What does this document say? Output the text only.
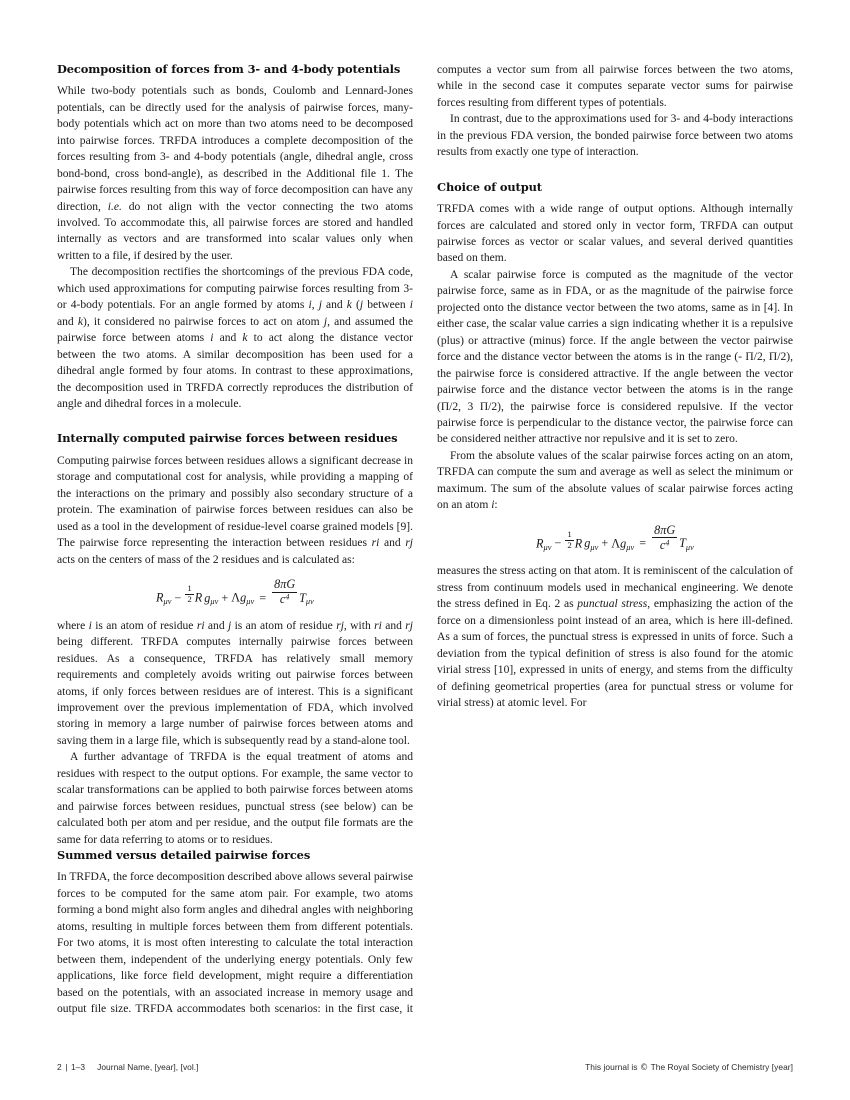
Decomposition of forces from 3- and 4-body potentials

While two-body potentials such as bonds, Coulomb and Lennard-Jones potentials, can be directly used for the analysis of pairwise forces, many-body potentials which act on more than two atoms need to be decomposed into pairwise forces. TRFDA introduces a complete decomposition of the forces resulting from 3- and 4-body potentials (angle, dihedral angle, cross bond-bond, cross bond-angle), as described in the Additional file 1. The pairwise forces resulting from this way of force decomposition can have any direction, i.e. do not align with the vector connecting the two atoms involved. To accommodate this, all pairwise forces are stored and handled internally as vectors and are transformed into scalar values only when written to a file, if desired by the user.

The decomposition rectifies the shortcomings of the previous FDA code, which used approximations for computing pairwise forces resulting from 3- or 4-body potentials. For an angle formed by atoms i, j and k (j between i and k), it considered no pairwise forces to act on atom j, and assumed the pairwise force between atoms i and k to act along the distance vector between the two atoms. A similar decomposition has been used for a dihedral angle formed by four atoms. In contrast to these approximations, the decomposition used in TRFDA correctly reproduces the distribution of angle and dihedral forces in a molecule.

Internally computed pairwise forces between residues

Computing pairwise forces between residues allows a significant decrease in storage and computational cost for analysis, while providing a mapping of the interactions on the primary and possibly also secondary structure of a protein. The examination of pairwise forces between residues can also be used as a tool in the development of residue-level coarse grained models [9]. The pairwise force representing the interaction between residues ri and rj acts on the centers of mass of the 2 residues and is calculated as:

$R_{\mu\nu} - \frac{1}{2}$ R $g_{\mu\nu} + \Lambda g_{\mu\nu} = \frac{8\pi G}{c^4} T_{\mu\nu}$

where i is an atom of residue ri and j is an atom of residue rj, with ri and rj being different. TRFDA computes internally pairwise forces between residues. As a consequence, TRFDA has relatively small memory requirements and completely avoids writing out pairwise forces between atoms, if only forces between residues are of interest. This is a significant improvement over the previous implementation of FDA, which involved storing in memory a large number of pairwise forces between atoms and saving them in a large file, which is subsequently read by a stand-alone tool.

A further advantage of TRFDA is the equal treatment of atoms and residues with respect to the output options. For example, the same vector to scalar transformations can be applied to both pairwise forces between atoms and pairwise forces between residues, punctual stress (see below) can be calculated both per atom and per residue, and the output file formats are the same for data referring to atoms or to residues.

Summed versus detailed pairwise forces

In TRFDA, the force decomposition described above allows several pairwise forces to be computed for the same atom pair. For example, two atoms forming a bond might also form angles and dihedral angles with neighboring atoms, resulting in multiple forces between them from different potentials. For two atoms, it is most often interesting to calculate the total interaction between them, independent of the underlying energy potentials. Only few applications, like force field development, might require a differentiation based on the potentials, with an associated increase in memory usage and output file size. TRFDA accommodates both scenarios: in the first case, it computes a vector sum from all pairwise forces between the two atoms, while in the second case it computes separate vector sums for pairwise forces resulting from different types of potentials.

In contrast, due to the approximations used for 3- and 4-body interactions in the previous FDA version, the bonded pairwise force between two atoms results from exactly one type of interaction.

Choice of output

TRFDA comes with a wide range of output options. Although internally forces are calculated and stored only in vector form, TRFDA can output pairwise forces as vector or scalar values, and several derived quantities based on them.

A scalar pairwise force is computed as the magnitude of the vector pairwise force, same as in FDA, or as the magnitude of the pairwise force projected onto the distance vector between the two atoms, same as in [4]. In either case, the scalar value carries a sign indicating whether it is a repulsive (plus) or attractive (minus) force. If the angle between the vector pairwise force and the distance vector between the atoms is in the range (- Π/2, Π/2), the pairwise force is considered attractive. If the angle between the vector pairwise force and the distance vector between the atoms is in the range (Π/2, 3 Π/2), the pairwise force is considered repulsive. If the vector pairwise force is perpendicular to the distance vector, the pairwise force can be considered neither attractive nor repulsive and it is set to zero.

From the absolute values of the scalar pairwise forces acting on an atom, TRFDA can compute the sum and average as well as select the minimum or maximum. The sum of the absolute values of scalar pairwise forces acting on an atom i:

$R_{\mu\nu} - \frac{1}{2}$ R $g_{\mu\nu} + \Lambda g_{\mu\nu} = \frac{8\pi G}{c^4} T_{\mu\nu}$

measures the stress acting on that atom. It is reminiscent of the calculation of stress from continuum models used in mechanical engineering. We denote the stress defined in Eq. 2 as punctual stress, emphasizing the action of the force on a dimensionless point instead of an area, which is here ill-defined. As a sum of forces, the punctual stress is expressed in units of force. Such a deviation from the typical definition of stress is also found for the atomic virial stress [10], expressed in units of energy, and stems from the difficulty of defining geometrical properties (area for punctual stress or volume for virial stress) at atomic level. For

2 | 1–3 Journal Name, [year], [vol.]	This journal is © The Royal Society of Chemistry [year]
